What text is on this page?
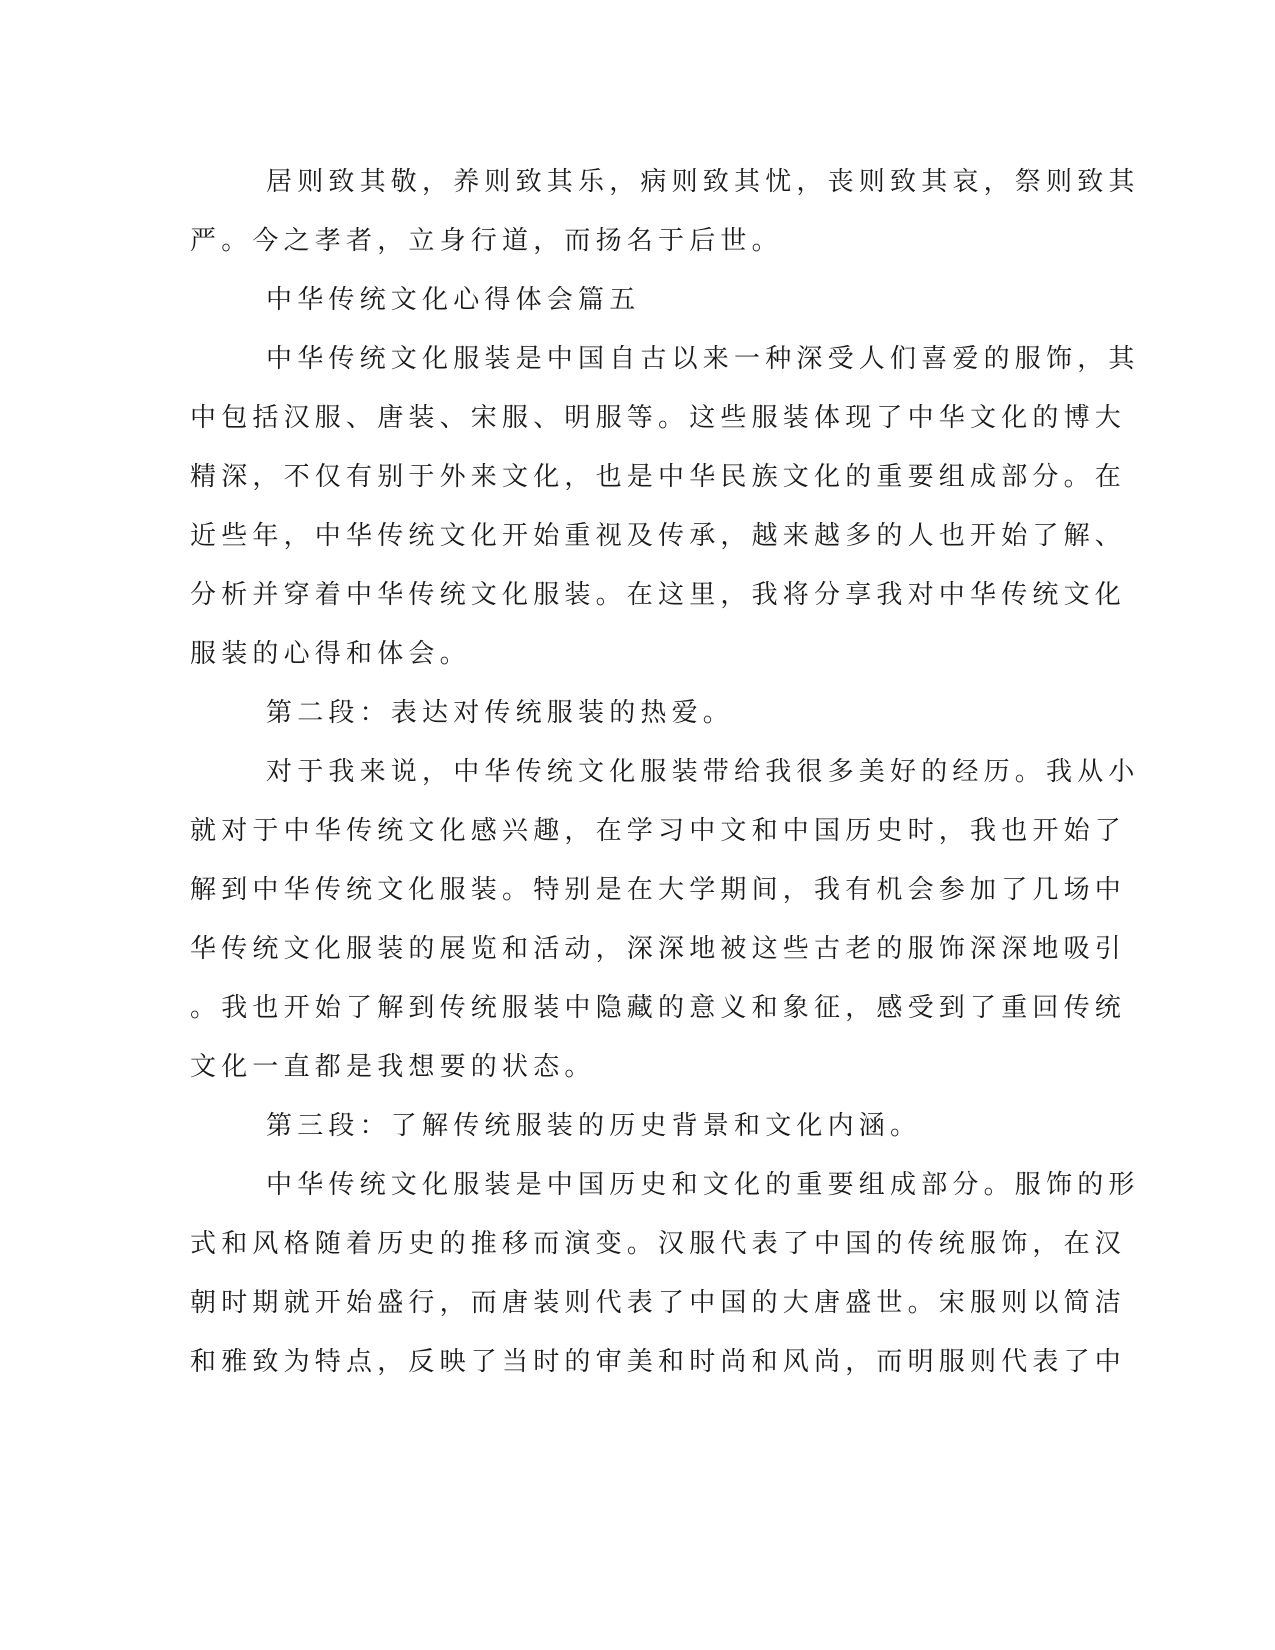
居则致其敬，养则致其乐，病则致其忧，丧则致其哀，祭则致其
严。今之孝者，立身行道，而扬名于后世。
中华传统文化心得体会篇五
中华传统文化服装是中国自古以来一种深受人们喜爱的服饰，其
中包括汉服、唐装、宋服、明服等。这些服装体现了中华文化的博大
精深，不仅有别于外来文化，也是中华民族文化的重要组成部分。在
近些年，中华传统文化开始重视及传承，越来越多的人也开始了解、
分析并穿着中华传统文化服装。在这里，我将分享我对中华传统文化
服装的心得和体会。
第二段：表达对传统服装的热爱。
对于我来说，中华传统文化服装带给我很多美好的经历。我从小
就对于中华传统文化感兴趣，在学习中文和中国历史时，我也开始了
解到中华传统文化服装。特别是在大学期间，我有机会参加了几场中
华传统文化服装的展览和活动，深深地被这些古老的服饰深深地吸引
。我也开始了解到传统服装中隐藏的意义和象征，感受到了重回传统
文化一直都是我想要的状态。
第三段：了解传统服装的历史背景和文化内涵。
中华传统文化服装是中国历史和文化的重要组成部分。服饰的形
式和风格随着历史的推移而演变。汉服代表了中国的传统服饰，在汉
朝时期就开始盛行，而唐装则代表了中国的大唐盛世。宋服则以简洁
和雅致为特点，反映了当时的审美和时尚和风尚，而明服则代表了中
